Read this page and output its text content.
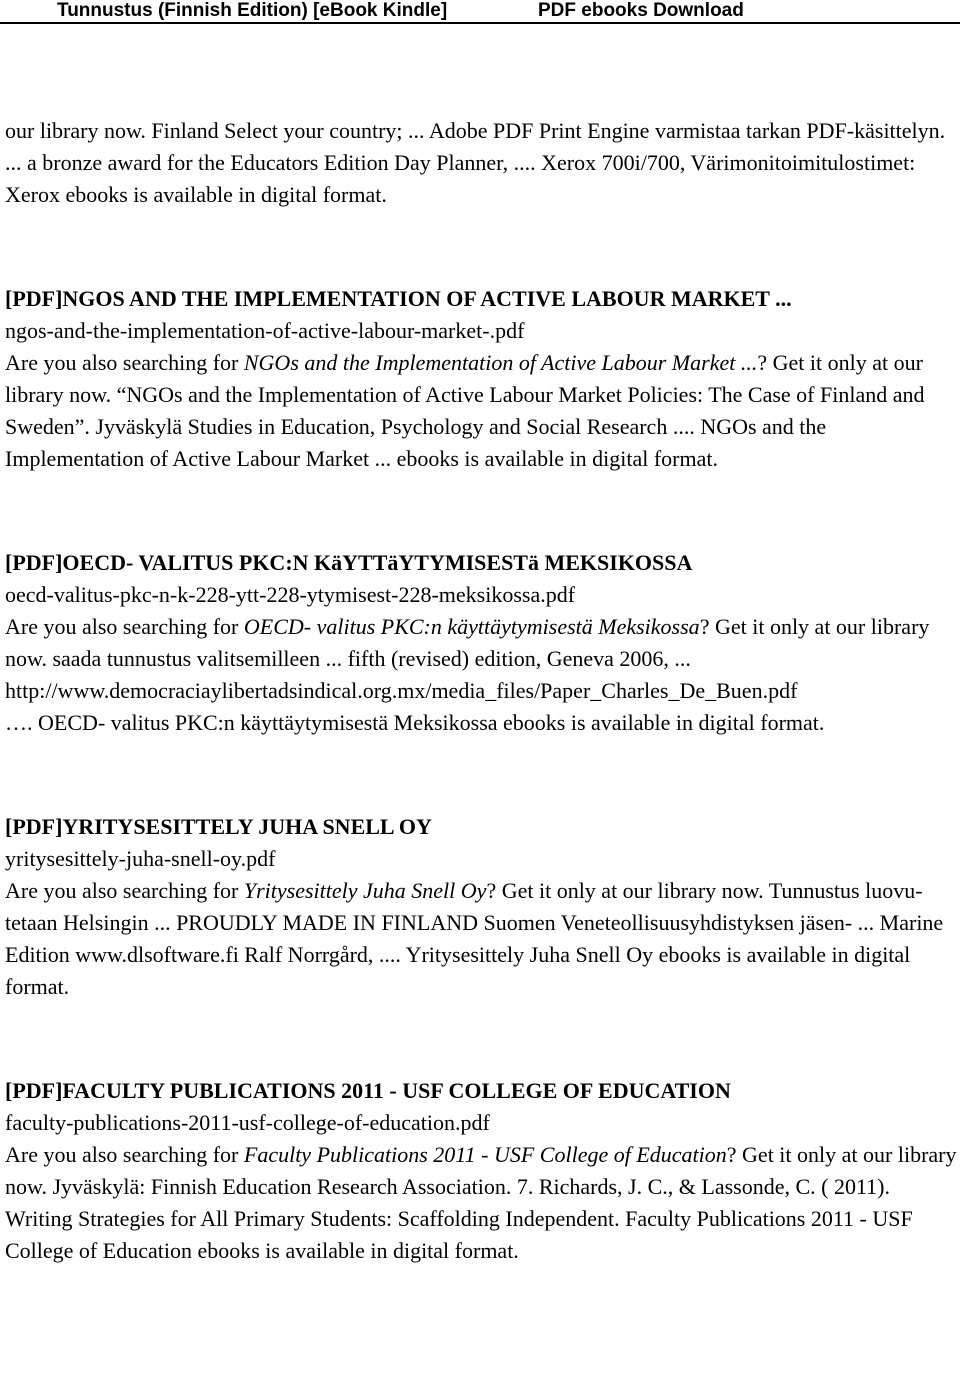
Tunnustus (Finnish Edition) [eBook Kindle]	PDF ebooks Download

our library now. Finland Select your country; ... Adobe PDF Print Engine varmistaa tarkan PDF-käsittelyn. ... a bronze award for the Educators Edition Day Planner, .... Xerox 700i/700, Värimonitoimitulostimet: Xerox ebooks is available in digital format.

[PDF]NGOS AND THE IMPLEMENTATION OF ACTIVE LABOUR MARKET ...

ngos-and-the-implementation-of-active-labour-market-.pdf

Are you also searching for NGOs and the Implementation of Active Labour Market ...? Get it only at our library now. “NGOs and the Implementation of Active Labour Market Policies: The Case of Finland and Sweden”. Jyväskylä Studies in Education, Psychology and Social Research .... NGOs and the Implementation of Active Labour Market ... ebooks is available in digital format.

[PDF]OECD- VALITUS PKC:N KäYTTäYTYMISESTä MEKSIKOSSA

oecd-valitus-pkc-n-k-228-ytt-228-ytymisest-228-meksikossa.pdf

Are you also searching for OECD- valitus PKC:n käyttäytymisestä Meksikossa? Get it only at our library now. saada tunnustus valitsemilleen ... fifth (revised) edition, Geneva 2006, ...

http://www.democraciaylibertadsindical.org.mx/media_files/Paper_Charles_De_Buen.pdf

…. OECD- valitus PKC:n käyttäytymisestä Meksikossa ebooks is available in digital format.

[PDF]YRITYSESITTELY JUHA SNELL OY

yritysesittely-juha-snell-oy.pdf

Are you also searching for Yritysesittely Juha Snell Oy? Get it only at our library now. Tunnustus luovu- tetaan Helsingin ... PROUDLY MADE IN FINLAND Suomen Veneteollisuusyhdistyksen jäsen- ... Marine Edition www.dlsoftware.fi Ralf Norrgård, .... Yritysesittely Juha Snell Oy ebooks is available in digital format.

[PDF]FACULTY PUBLICATIONS 2011 - USF COLLEGE OF EDUCATION

faculty-publications-2011-usf-college-of-education.pdf

Are you also searching for Faculty Publications 2011 - USF College of Education? Get it only at our library now. Jyväskylä: Finnish Education Research Association. 7. Richards, J. C., & Lassonde, C. ( 2011). Writing Strategies for All Primary Students: Scaffolding Independent. Faculty Publications 2011 - USF College of Education ebooks is available in digital format.
